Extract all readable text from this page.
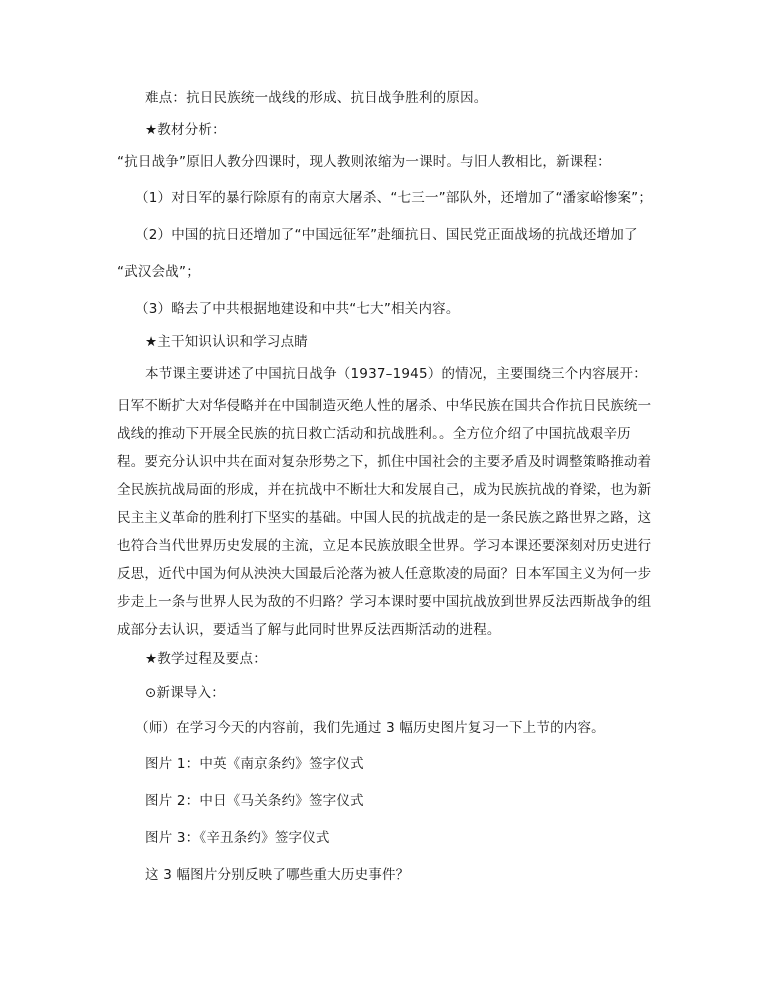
难点：抗日民族统一战线的形成、抗日战争胜利的原因。
★教材分析：
“抗日战争”原旧人教分四课时，现人教则浓缩为一课时。与旧人教相比，新课程：
（1）对日军的暴行除原有的南京大屠杀、“七三一”部队外，还增加了“潘家峪惨案”；
（2）中国的抗日还增加了“中国远征军”赴缅抗日、国民党正面战场的抗战还增加了
“武汉会战”；
（3）略去了中共根据地建设和中共“七大”相关内容。
★主干知识认识和学习点睛
本节课主要讲述了中国抗日战争（1937–1945）的情况，主要围绕三个内容展开：
日军不断扩大对华侵略并在中国制造灭绝人性的屠杀、中华民族在国共合作抗日民族统一
战线的推动下开展全民族的抗日救亡活动和抗战胜利。。全方位介绍了中国抗战艰辛历
程。要充分认识中共在面对复杂形势之下，抓住中国社会的主要矛盾及时调整策略推动着
全民族抗战局面的形成，并在抗战中不断壮大和发展自己，成为民族抗战的脊梁，也为新
民主主义革命的胜利打下坚实的基础。中国人民的抗战走的是一条民族之路世界之路，这
也符合当代世界历史发展的主流，立足本民族放眼全世界。学习本课还要深刻对历史进行
反思，近代中国为何从泱泱大国最后沦落为被人任意欺凌的局面？日本军国主义为何一步
步走上一条与世界人民为敌的不归路？学习本课时要中国抗战放到世界反法西斯战争的组
成部分去认识，要适当了解与此同时世界反法西斯活动的进程。
★教学过程及要点：
⊙新课导入：
（师）在学习今天的内容前，我们先通过 3 幅历史图片复习一下上节的内容。
图片 1：中英《南京条约》签字仪式
图片 2：中日《马关条约》签字仪式
图片 3：《辛丑条约》签字仪式
这 3 幅图片分别反映了哪些重大历史事件？
